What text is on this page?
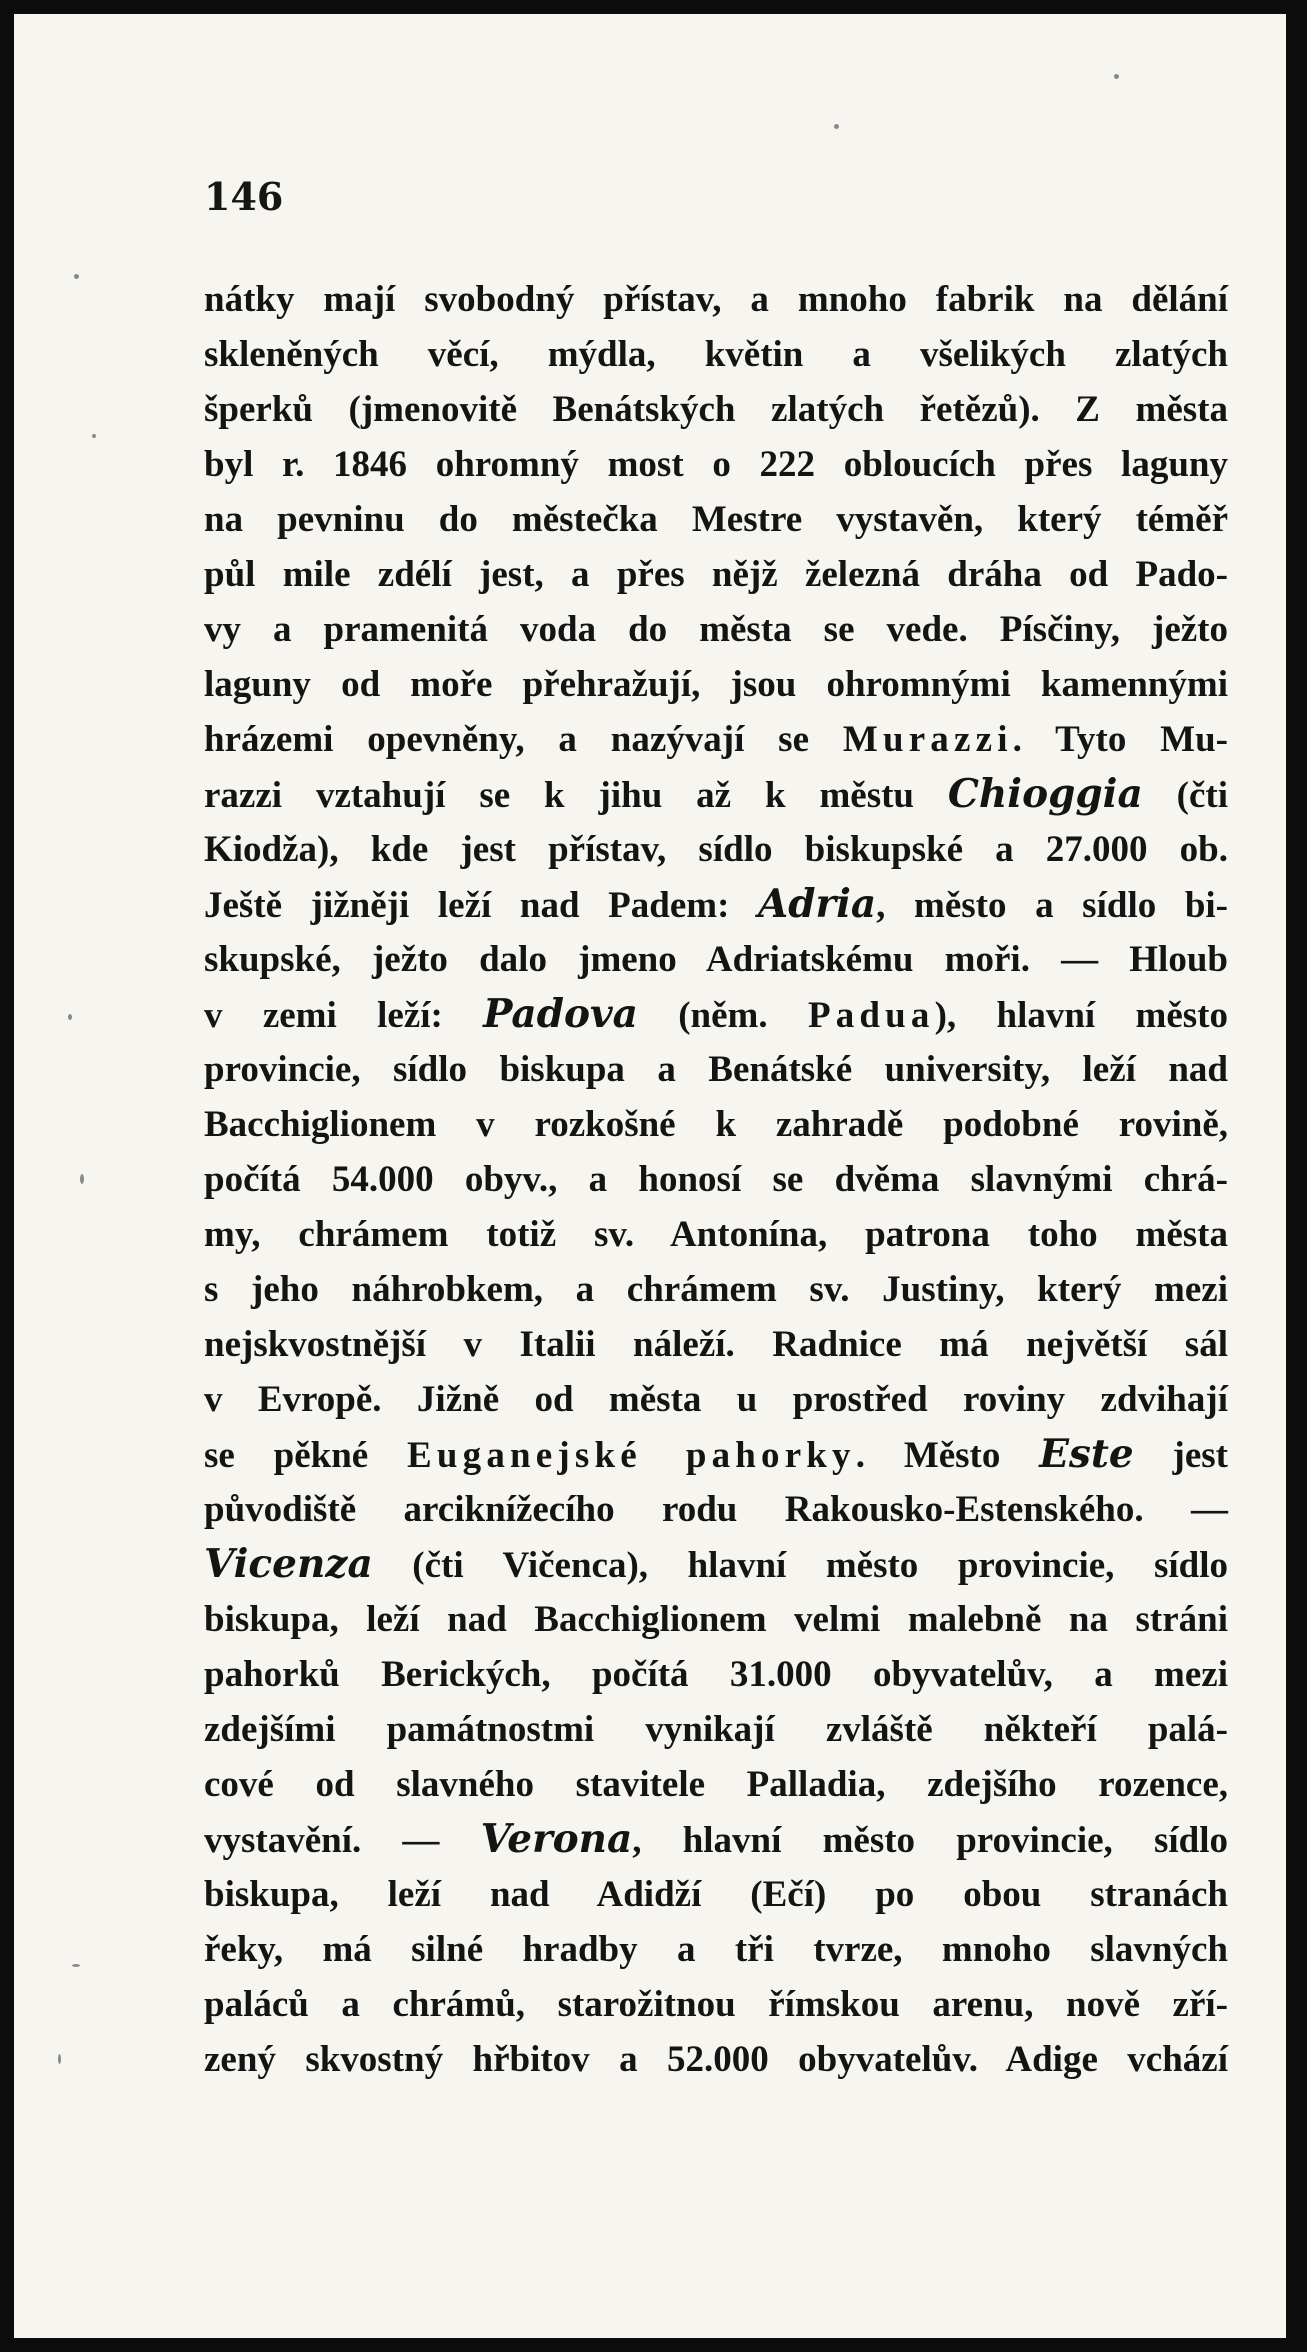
146
nátky mají svobodný přístav, a mnoho fabrik na dělání
skleněných věcí, mýdla, květin a všelikých zlatých
šperků (jmenovitě Benátských zlatých řetězů). Z města
byl r. 1846 ohromný most o 222 obloucích přes laguny
na pevninu do městečka Mestre vystavěn, který téměř
půl mile zdélí jest, a přes nějž železná dráha od Pado-
vy a pramenitá voda do města se vede. Písčiny, ježto
laguny od moře přehražují, jsou ohromnými kamennými
hrázemi opevněny, a nazývají se Murazzi. Tyto Mu-
razzi vztahují se k jihu až k městu Chioggia (čti
Kiodža), kde jest přístav, sídlo biskupské a 27.000 ob.
Ještě jižněji leží nad Padem: Adria, město a sídlo bi-
skupské, ježto dalo jmeno Adriatskému moři. — Hloub
v zemi leží: Padova (něm. Padua), hlavní město
provincie, sídlo biskupa a Benátské university, leží nad
Bacchiglionem v rozkošné k zahradě podobné rovině,
počítá 54.000 obyv., a honosí se dvěma slavnými chrá-
my, chrámem totiž sv. Antonína, patrona toho města
s jeho náhrobkem, a chrámem sv. Justiny, který mezi
nejskvostnější v Italii náleží. Radnice má největší sál
v Evropě. Jižně od města u prostřed roviny zdvihají
se pěkné Euganejské pahorky. Město Este jest
původiště arciknížecího rodu Rakousko-Estenského. —
Vicenza (čti Vičenca), hlavní město provincie, sídlo
biskupa, leží nad Bacchiglionem velmi malebně na stráni
pahorků Berických, počítá 31.000 obyvatelův, a mezi
zdejšími památnostmi vynikají zvláště někteří palá-
cové od slavného stavitele Palladia, zdejšího rozence,
vystavění. — Verona, hlavní město provincie, sídlo
biskupa, leží nad Adidží (Ečí) po obou stranách
řeky, má silné hradby a tři tvrze, mnoho slavných
paláců a chrámů, starožitnou římskou arenu, nově zří-
zený skvostný hřbitov a 52.000 obyvatelův. Adige vchází
